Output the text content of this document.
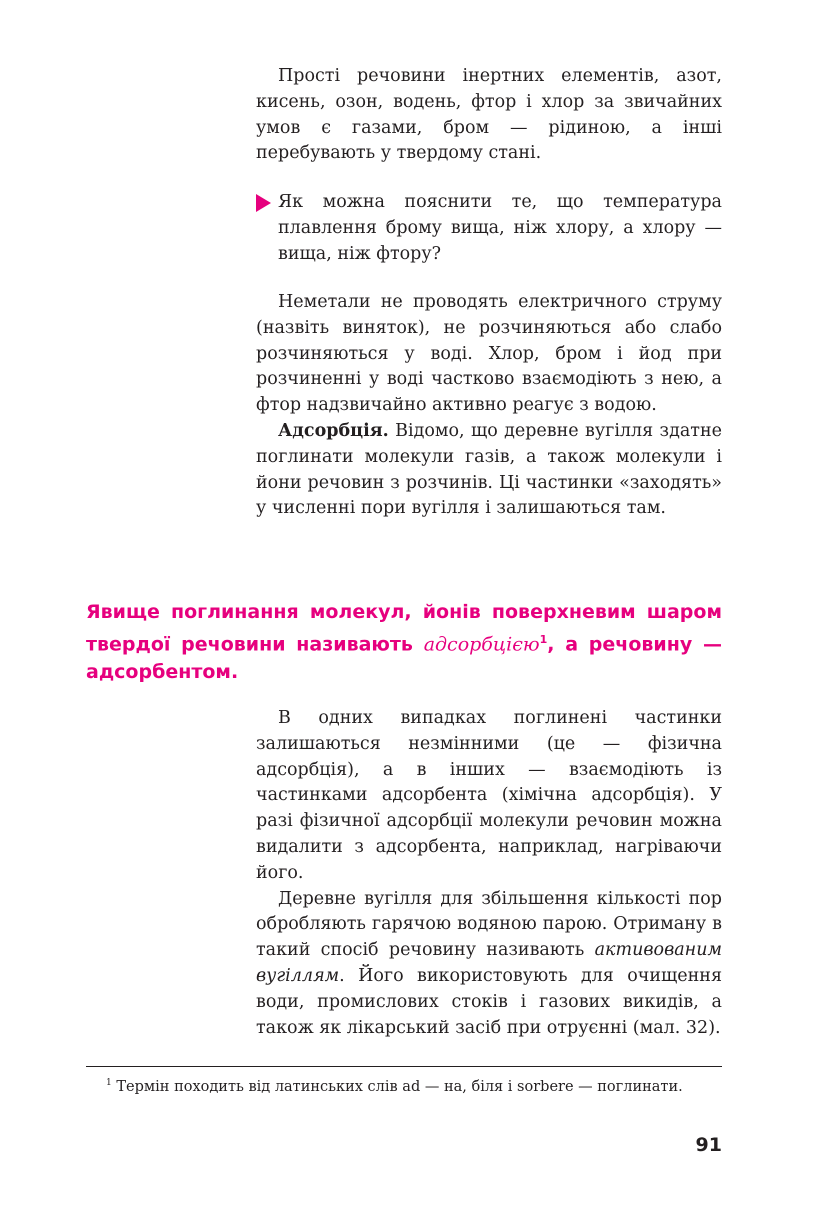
Прості речовини інертних елементів, азот, кисень, озон, водень, фтор і хлор за звичайних умов є газами, бром — рідиною, а інші перебувають у твердому стані.

Як можна пояснити те, що температура плавлення брому вища, ніж хлору, а хлору — вища, ніж фтору?

Неметали не проводять електричного струму (назвіть виняток), не розчиняються або слабо розчиняються у воді. Хлор, бром і йод при розчиненні у воді частково взаємодіють з нею, а фтор надзвичайно активно реагує з водою.

Адсорбція. Відомо, що деревне вугілля здатне поглинати молекули газів, а також молекули і йони речовин з розчинів. Ці частинки «заходять» у численні пори вугілля і залишаються там.

Явище поглинання молекул, йонів поверхневим шаром твердої речовини називають адсорбцією$^1$, а речовину — адсорбентом.

В одних випадках поглинені частинки залишаються незмінними (це — фізична адсорбція), а в інших — взаємодіють із частинками адсорбента (хімічна адсорбція). У разі фізичної адсорбції молекули речовин можна видалити з адсорбента, наприклад, нагріваючи його.

Деревне вугілля для збільшення кількості пор обробляють гарячою водяною парою. Отриману в такий спосіб речовину називають активованим вугіллям. Його використовують для очищення води, промислових стоків і газових викидів, а також як лікарський засіб при отруєнні (мал. 32).

$^1$ Термін походить від латинських слів ad — на, біля і sorbere — поглинати.

91
